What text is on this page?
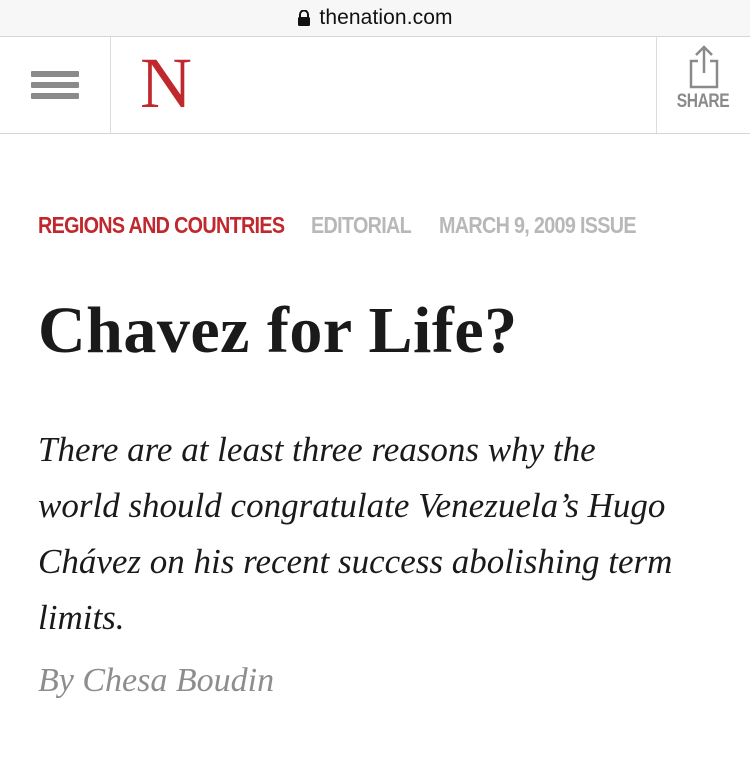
thenation.com
N	SHARE
REGIONS AND COUNTRIES EDITORIAL	MARCH 9, 2009 ISSUE
Chavez for Life?

There are at least three reasons why the world should congratulate Venezuela’s Hugo Chávez on his recent success abolishing term limits.

By Chesa Boudin
